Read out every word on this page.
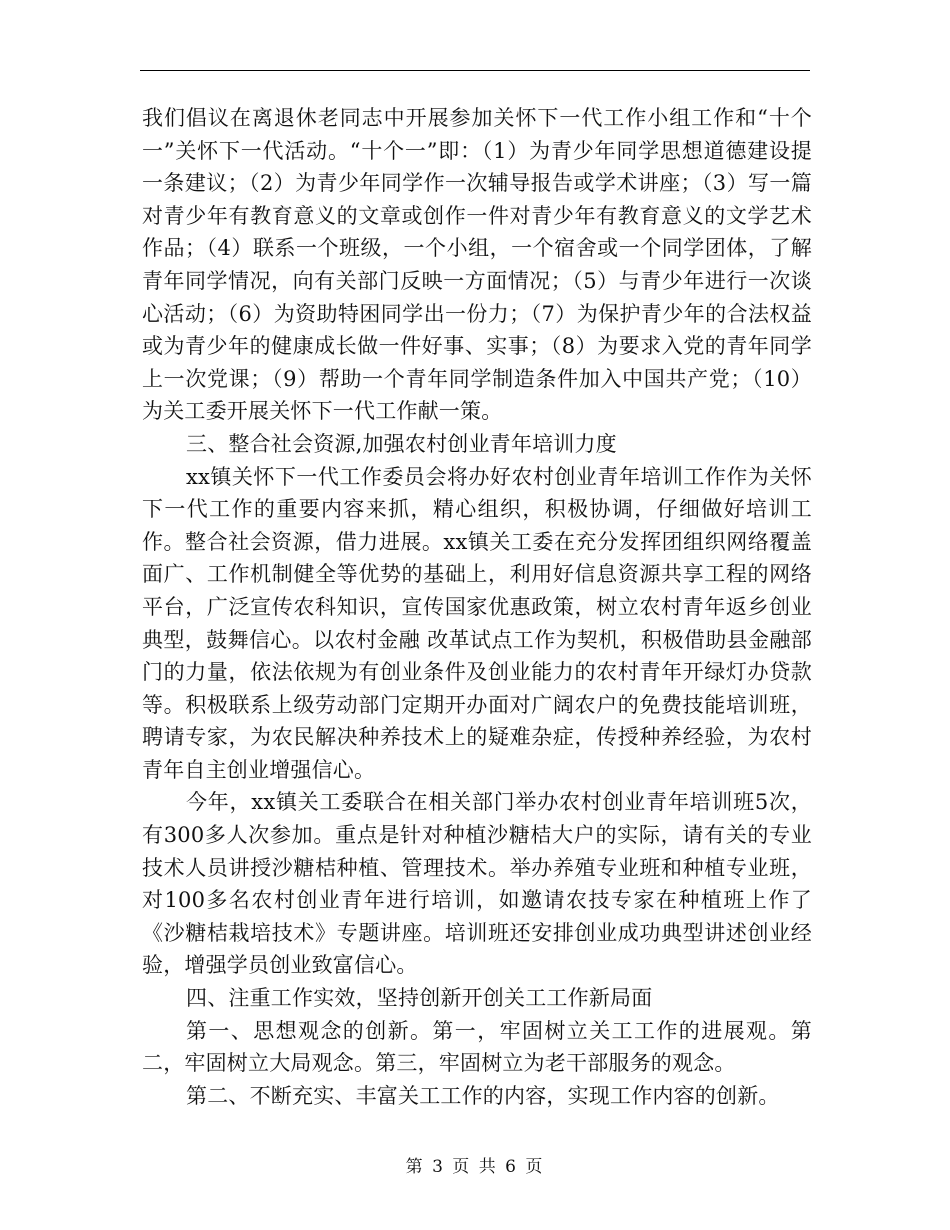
我们倡议在离退休老同志中开展参加关怀下一代工作小组工作和“十个一”关怀下一代活动。“十个一”即：（1）为青少年同学思想道德建设提一条建议；（2）为青少年同学作一次辅导报告或学术讲座；（3）写一篇对青少年有教育意义的文章或创作一件对青少年有教育意义的文学艺术作品；（4）联系一个班级，一个小组，一个宿舍或一个同学团体，了解青年同学情况，向有关部门反映一方面情况；（5）与青少年进行一次谈心活动；（6）为资助特困同学出一份力；（7）为保护青少年的合法权益或为青少年的健康成长做一件好事、实事；（8）为要求入党的青年同学上一次党课；（9）帮助一个青年同学制造条件加入中国共产党；（10）为关工委开展关怀下一代工作献一策。

三、整合社会资源,加强农村创业青年培训力度

xx镇关怀下一代工作委员会将办好农村创业青年培训工作作为关怀下一代工作的重要内容来抓，精心组织，积极协调，仔细做好培训工作。整合社会资源，借力进展。xx镇关工委在充分发挥团组织网络覆盖面广、工作机制健全等优势的基础上，利用好信息资源共享工程的网络平台，广泛宣传农科知识，宣传国家优惠政策，树立农村青年返乡创业典型，鼓舞信心。以农村金融 改革试点工作为契机，积极借助县金融部门的力量，依法依规为有创业条件及创业能力的农村青年开绿灯办贷款等。积极联系上级劳动部门定期开办面对广阔农户的免费技能培训班，聘请专家，为农民解决种养技术上的疑难杂症，传授种养经验，为农村青年自主创业增强信心。

今年，xx镇关工委联合在相关部门举办农村创业青年培训班5次，有300多人次参加。重点是针对种植沙糖桔大户的实际，请有关的专业技术人员讲授沙糖桔种植、管理技术。举办养殖专业班和种植专业班，对100多名农村创业青年进行培训，如邀请农技专家在种植班上作了《沙糖桔栽培技术》专题讲座。培训班还安排创业成功典型讲述创业经验，增强学员创业致富信心。

四、注重工作实效，坚持创新开创关工工作新局面

第一、思想观念的创新。第一，牢固树立关工工作的进展观。第二，牢固树立大局观念。第三，牢固树立为老干部服务的观念。

第二、不断充实、丰富关工工作的内容，实现工作内容的创新。

第 3 页 共 6 页
